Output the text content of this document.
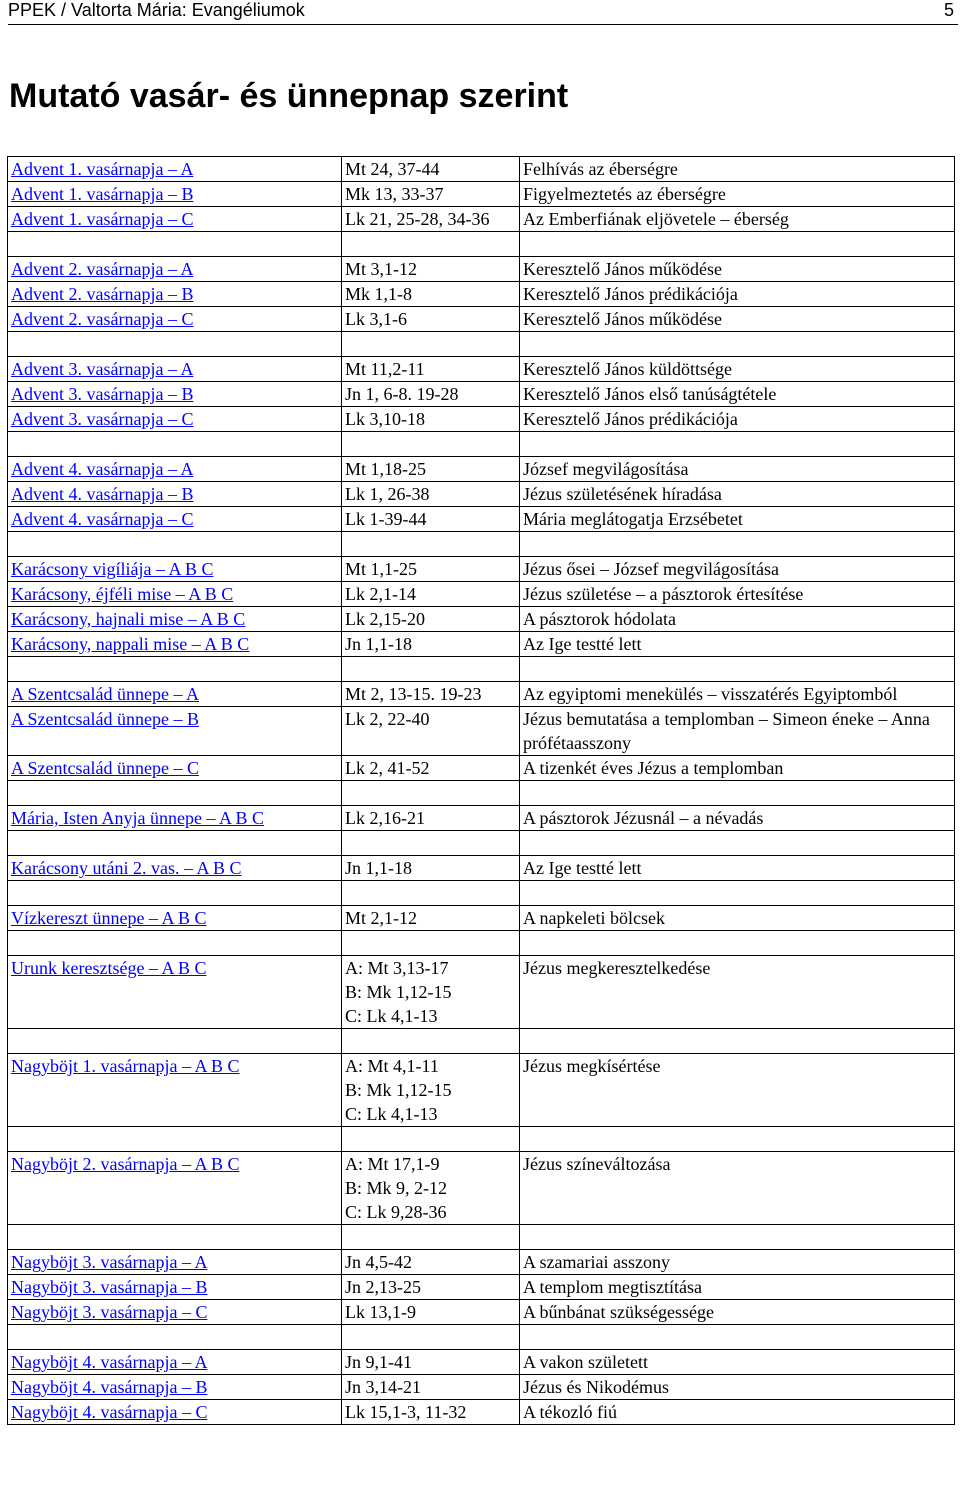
PPEK / Valtorta Mária: Evangéliumok	5
Mutató vasár- és ünnepnap szerint
Advent 1. vasárnapja – A	Mt 24, 37-44	Felhívás az éberségre
Advent 1. vasárnapja – B	Mk 13, 33-37	Figyelmeztetés az éberségre
Advent 1. vasárnapja – C	Lk 21, 25-28, 34-36	Az Emberfiának eljövetele – éberség

Advent 2. vasárnapja – A	Mt 3,1-12	Keresztelő János működése
Advent 2. vasárnapja – B	Mk 1,1-8	Keresztelő János prédikációja
Advent 2. vasárnapja – C	Lk 3,1-6	Keresztelő János működése

Advent 3. vasárnapja – A	Mt 11,2-11	Keresztelő János küldöttsége
Advent 3. vasárnapja – B	Jn 1, 6-8. 19-28	Keresztelő János első tanúságtétele
Advent 3. vasárnapja – C	Lk 3,10-18	Keresztelő János prédikációja

Advent 4. vasárnapja – A	Mt 1,18-25	József megvilágosítása
Advent 4. vasárnapja – B	Lk 1, 26-38	Jézus születésének híradása
Advent 4. vasárnapja – C	Lk 1-39-44	Mária meglátogatja Erzsébetet

Karácsony vigíliája – A B C	Mt 1,1-25	Jézus ősei – József megvilágosítása
Karácsony, éjféli mise – A B C	Lk 2,1-14	Jézus születése – a pásztorok értesítése
Karácsony, hajnali mise – A B C	Lk 2,15-20	A pásztorok hódolata
Karácsony, nappali mise – A B C	Jn 1,1-18	Az Ige testté lett

A Szentcsalád ünnepe – A	Mt 2, 13-15. 19-23	Az egyiptomi menekülés – visszatérés Egyiptomból
A Szentcsalád ünnepe – B	Lk 2, 22-40	Jézus bemutatása a templomban – Simeon éneke – Anna prófétaasszony
A Szentcsalád ünnepe – C	Lk 2, 41-52	A tizenkét éves Jézus a templomban

Mária, Isten Anyja ünnepe – A B C	Lk 2,16-21	A pásztorok Jézusnál – a névadás

Karácsony utáni 2. vas. – A B C	Jn 1,1-18	Az Ige testté lett

Vízkereszt ünnepe – A B C	Mt 2,1-12	A napkeleti bölcsek

Urunk keresztsége – A B C	A: Mt 3,13-17
B: Mk 1,12-15
C: Lk 4,1-13	Jézus megkeresztelkedése

Nagyböjt 1. vasárnapja – A B C	A: Mt 4,1-11
B: Mk 1,12-15
C: Lk 4,1-13	Jézus megkísértése

Nagyböjt 2. vasárnapja – A B C	A: Mt 17,1-9
B: Mk 9, 2-12
C: Lk 9,28-36	Jézus színeváltozása

Nagyböjt 3. vasárnapja – A	Jn 4,5-42	A szamariai asszony
Nagyböjt 3. vasárnapja – B	Jn 2,13-25	A templom megtisztítása
Nagyböjt 3. vasárnapja – C	Lk 13,1-9	A bűnbánat szükségessége

Nagyböjt 4. vasárnapja – A	Jn 9,1-41	A vakon született
Nagyböjt 4. vasárnapja – B	Jn 3,14-21	Jézus és Nikodémus
Nagyböjt 4. vasárnapja – C	Lk 15,1-3, 11-32	A tékozló fiú
